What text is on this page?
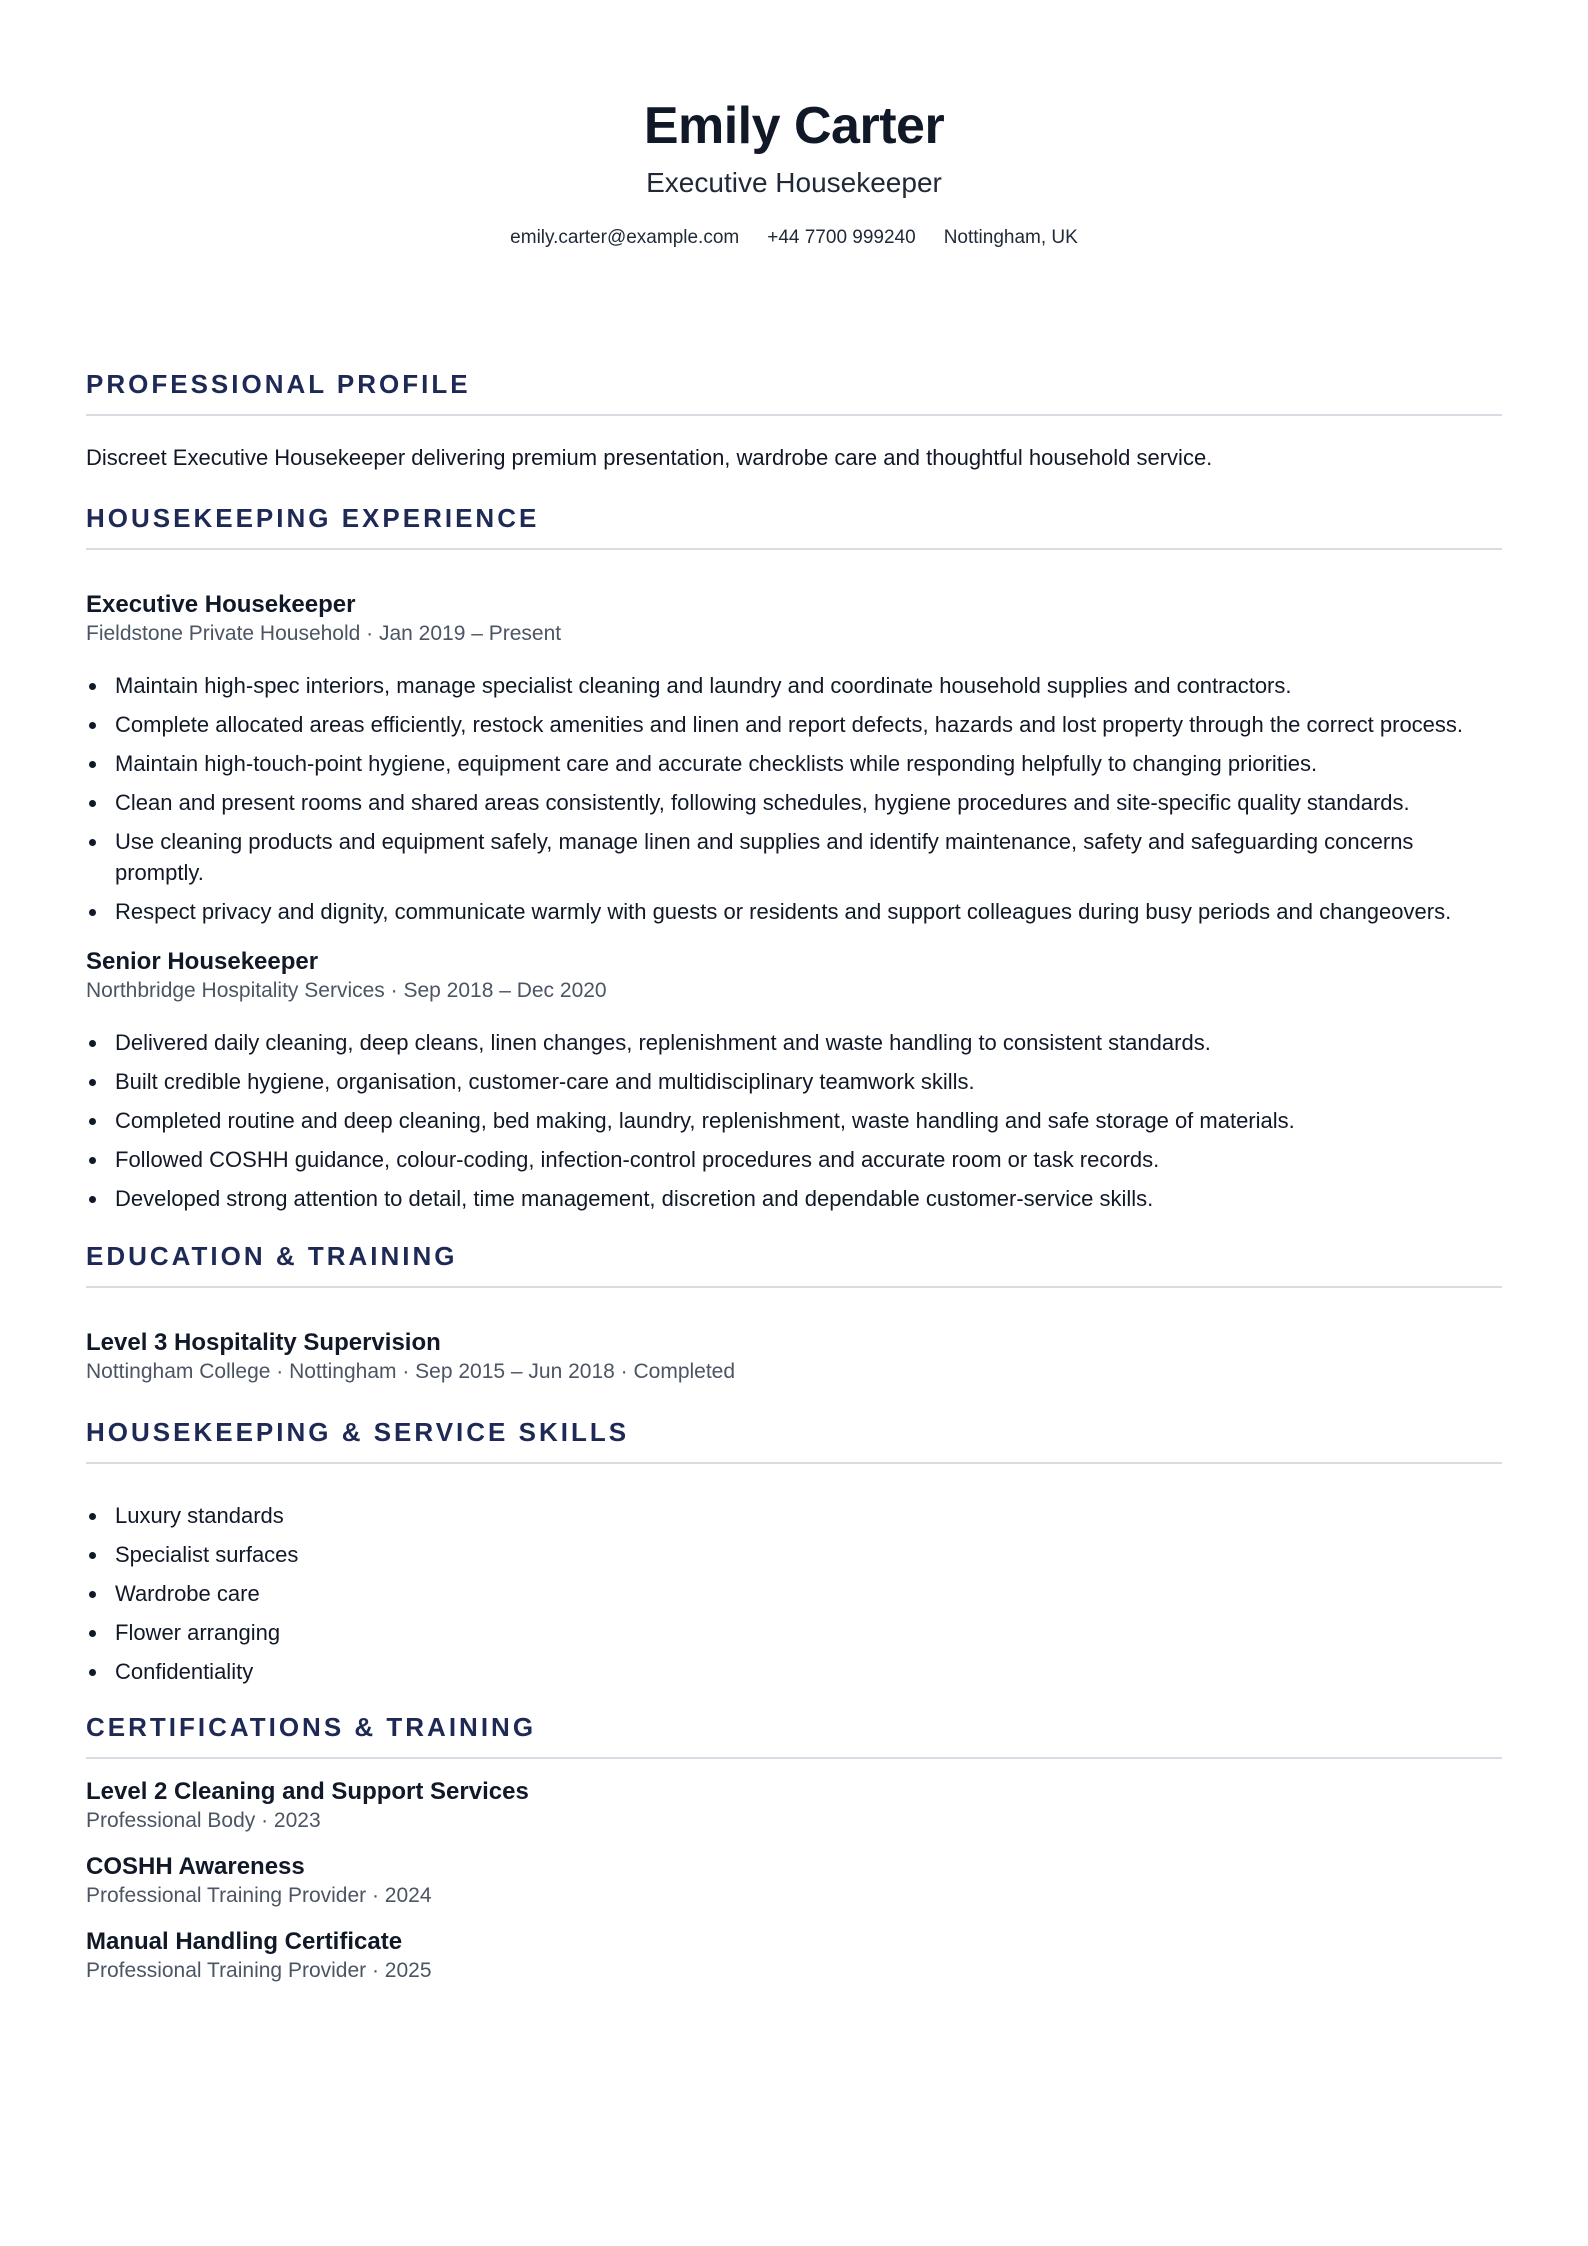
Emily Carter
Executive Housekeeper
emily.carter@example.com +44 7700 999240 Nottingham, UK
PROFESSIONAL PROFILE
Discreet Executive Housekeeper delivering premium presentation, wardrobe care and thoughtful household service.
HOUSEKEEPING EXPERIENCE
Executive Housekeeper
Fieldstone Private Household · Jan 2019 – Present
Maintain high-spec interiors, manage specialist cleaning and laundry and coordinate household supplies and contractors.
Complete allocated areas efficiently, restock amenities and linen and report defects, hazards and lost property through the correct process.
Maintain high-touch-point hygiene, equipment care and accurate checklists while responding helpfully to changing priorities.
Clean and present rooms and shared areas consistently, following schedules, hygiene procedures and site-specific quality standards.
Use cleaning products and equipment safely, manage linen and supplies and identify maintenance, safety and safeguarding concerns promptly.
Respect privacy and dignity, communicate warmly with guests or residents and support colleagues during busy periods and changeovers.
Senior Housekeeper
Northbridge Hospitality Services · Sep 2018 – Dec 2020
Delivered daily cleaning, deep cleans, linen changes, replenishment and waste handling to consistent standards.
Built credible hygiene, organisation, customer-care and multidisciplinary teamwork skills.
Completed routine and deep cleaning, bed making, laundry, replenishment, waste handling and safe storage of materials.
Followed COSHH guidance, colour-coding, infection-control procedures and accurate room or task records.
Developed strong attention to detail, time management, discretion and dependable customer-service skills.
EDUCATION & TRAINING
Level 3 Hospitality Supervision
Nottingham College · Nottingham · Sep 2015 – Jun 2018 · Completed
HOUSEKEEPING & SERVICE SKILLS
Luxury standards
Specialist surfaces
Wardrobe care
Flower arranging
Confidentiality
CERTIFICATIONS & TRAINING
Level 2 Cleaning and Support Services
Professional Body · 2023
COSHH Awareness
Professional Training Provider · 2024
Manual Handling Certificate
Professional Training Provider · 2025
